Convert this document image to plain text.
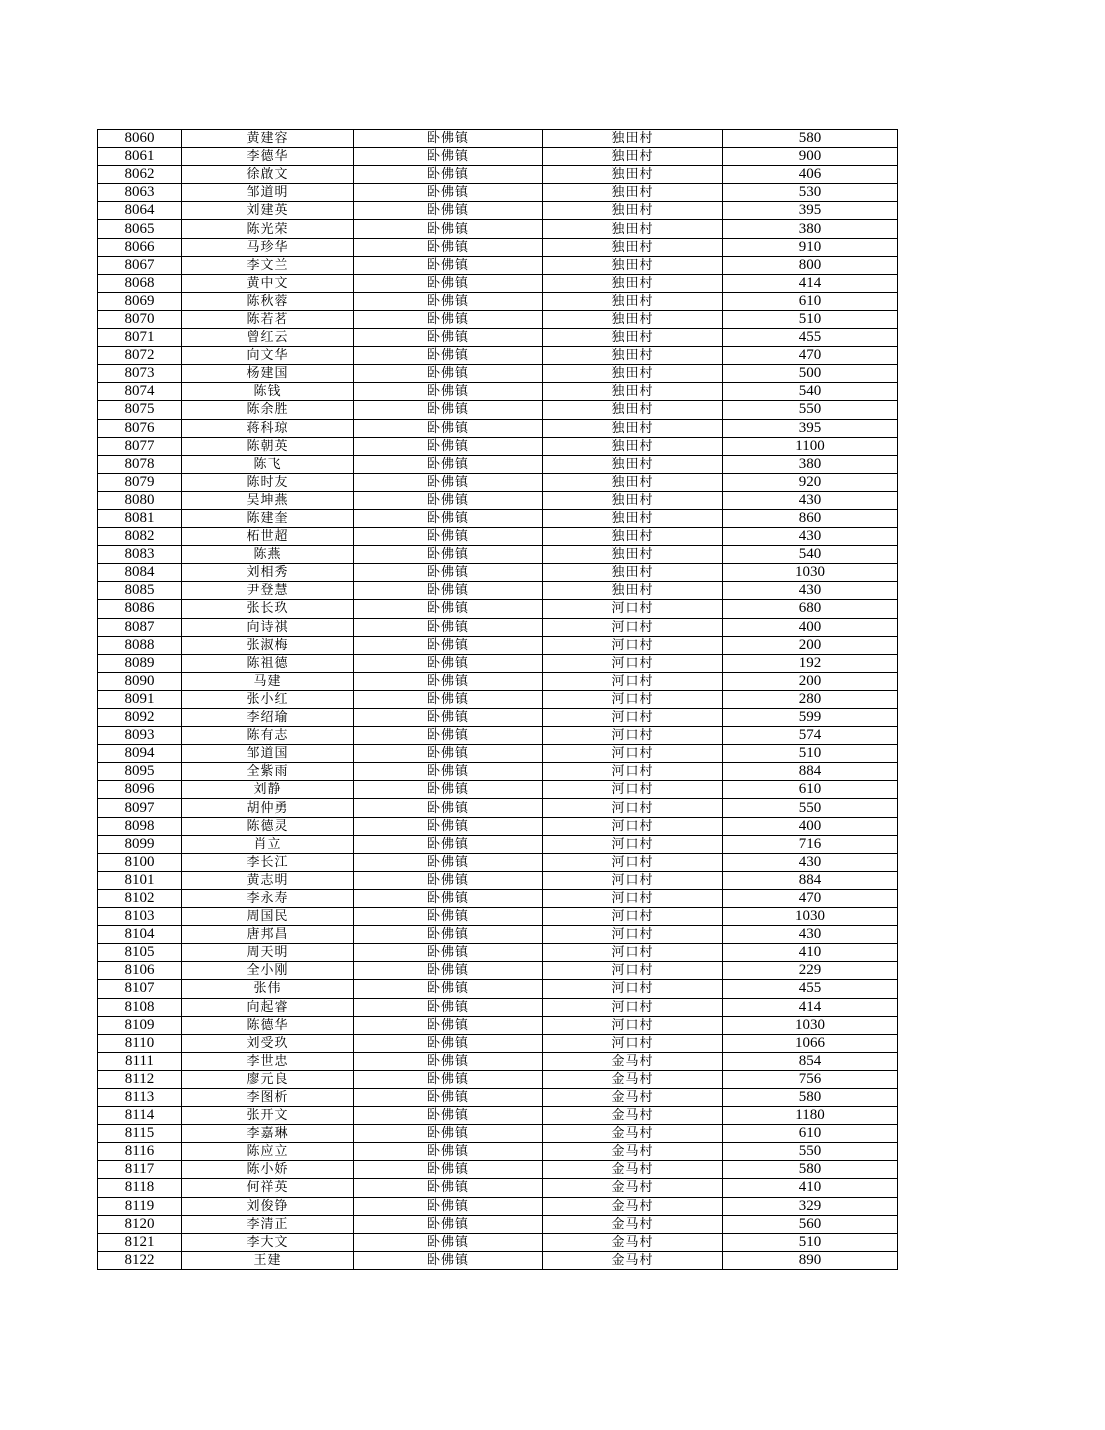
8060	黄建容	卧佛镇	独田村	580
8061	李德华	卧佛镇	独田村	900
8062	徐啟文	卧佛镇	独田村	406
8063	邹道明	卧佛镇	独田村	530
8064	刘建英	卧佛镇	独田村	395
8065	陈光荣	卧佛镇	独田村	380
8066	马珍华	卧佛镇	独田村	910
8067	李文兰	卧佛镇	独田村	800
8068	黄中文	卧佛镇	独田村	414
8069	陈秋蓉	卧佛镇	独田村	610
8070	陈若茗	卧佛镇	独田村	510
8071	曾红云	卧佛镇	独田村	455
8072	向文华	卧佛镇	独田村	470
8073	杨建国	卧佛镇	独田村	500
8074	陈钱	卧佛镇	独田村	540
8075	陈余胜	卧佛镇	独田村	550
8076	蒋科琼	卧佛镇	独田村	395
8077	陈朝英	卧佛镇	独田村	1100
8078	陈飞	卧佛镇	独田村	380
8079	陈时友	卧佛镇	独田村	920
8080	吴坤燕	卧佛镇	独田村	430
8081	陈建奎	卧佛镇	独田村	860
8082	柘世超	卧佛镇	独田村	430
8083	陈燕	卧佛镇	独田村	540
8084	刘相秀	卧佛镇	独田村	1030
8085	尹登慧	卧佛镇	独田村	430
8086	张长玖	卧佛镇	河口村	680
8087	向诗祺	卧佛镇	河口村	400
8088	张淑梅	卧佛镇	河口村	200
8089	陈祖德	卧佛镇	河口村	192
8090	马建	卧佛镇	河口村	200
8091	张小红	卧佛镇	河口村	280
8092	李绍瑜	卧佛镇	河口村	599
8093	陈有志	卧佛镇	河口村	574
8094	邹道国	卧佛镇	河口村	510
8095	全紫雨	卧佛镇	河口村	884
8096	刘静	卧佛镇	河口村	610
8097	胡仲勇	卧佛镇	河口村	550
8098	陈德灵	卧佛镇	河口村	400
8099	肖立	卧佛镇	河口村	716
8100	李长江	卧佛镇	河口村	430
8101	黄志明	卧佛镇	河口村	884
8102	李永寿	卧佛镇	河口村	470
8103	周国民	卧佛镇	河口村	1030
8104	唐邦昌	卧佛镇	河口村	430
8105	周天明	卧佛镇	河口村	410
8106	全小刚	卧佛镇	河口村	229
8107	张伟	卧佛镇	河口村	455
8108	向起睿	卧佛镇	河口村	414
8109	陈德华	卧佛镇	河口村	1030
8110	刘受玖	卧佛镇	河口村	1066
8111	李世忠	卧佛镇	金马村	854
8112	廖元良	卧佛镇	金马村	756
8113	李图析	卧佛镇	金马村	580
8114	张开文	卧佛镇	金马村	1180
8115	李嘉琳	卧佛镇	金马村	610
8116	陈应立	卧佛镇	金马村	550
8117	陈小娇	卧佛镇	金马村	580
8118	何祥英	卧佛镇	金马村	410
8119	刘俊铮	卧佛镇	金马村	329
8120	李清正	卧佛镇	金马村	560
8121	李大文	卧佛镇	金马村	510
8122	王建	卧佛镇	金马村	890
